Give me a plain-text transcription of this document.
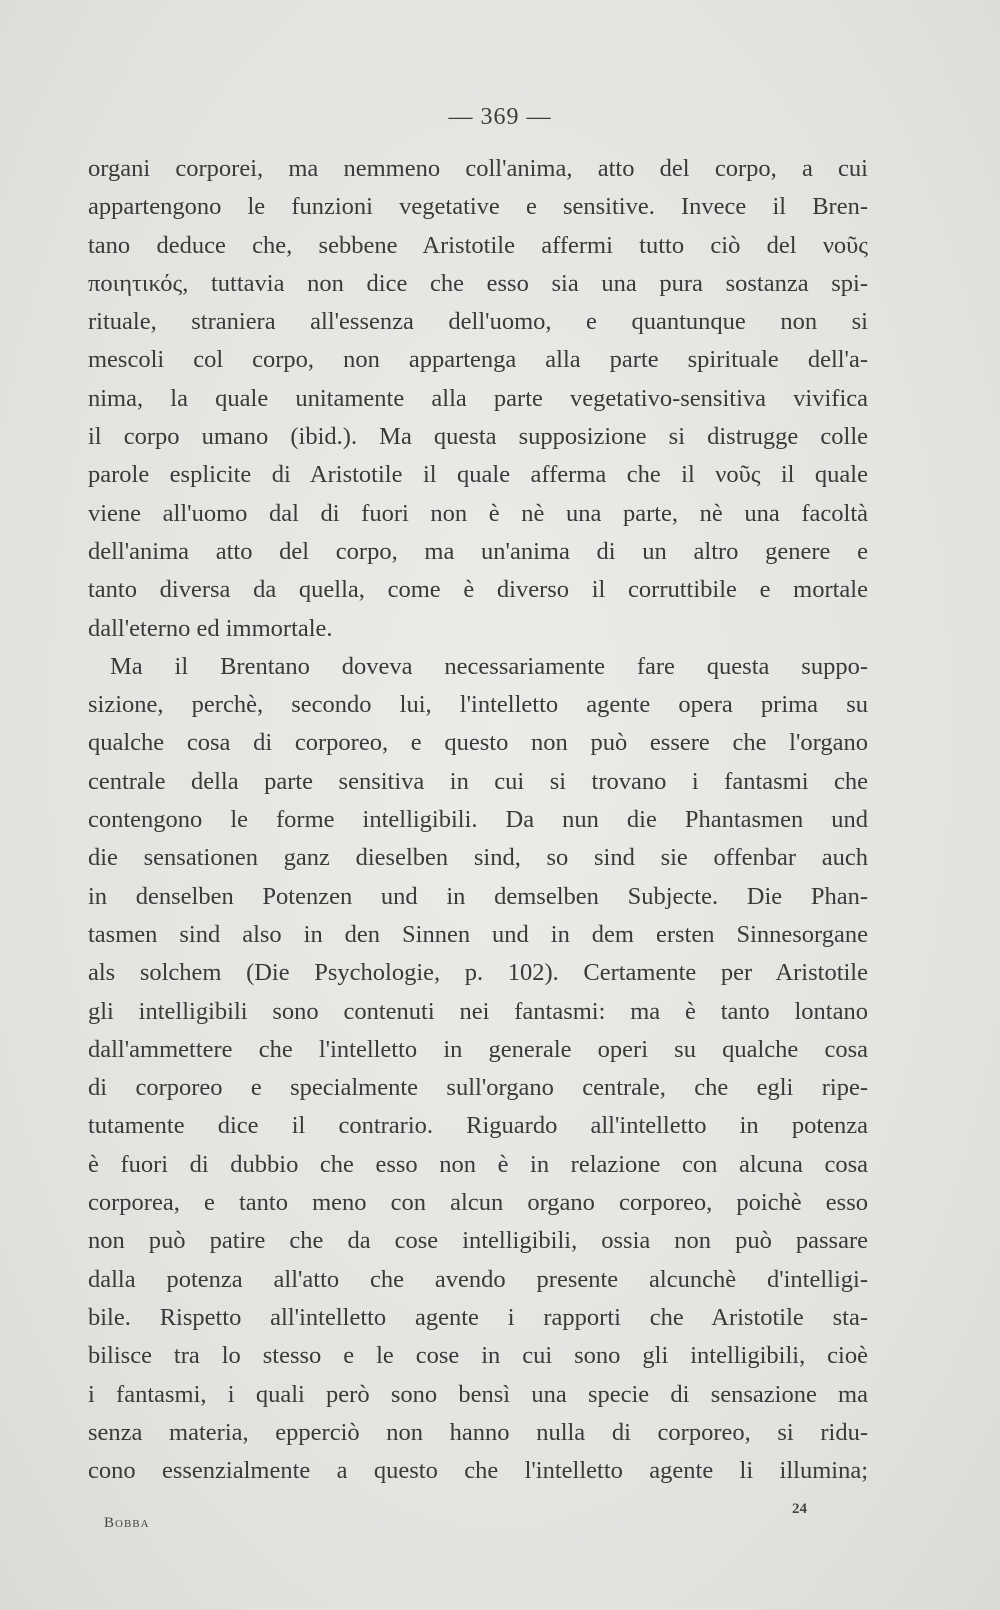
— 369 —
organi corporei, ma nemmeno coll'anima, atto del corpo, a cui
appartengono le funzioni vegetative e sensitive. Invece il Bren-
tano deduce che, sebbene Aristotile affermi tutto ciò del νοῦς
ποιητικός, tuttavia non dice che esso sia una pura sostanza spi-
rituale, straniera all'essenza dell'uomo, e quantunque non si
mescoli col corpo, non appartenga alla parte spirituale dell'a-
nima, la quale unitamente alla parte vegetativo-sensitiva vivifica
il corpo umano (ibid.). Ma questa supposizione si distrugge colle
parole esplicite di Aristotile il quale afferma che il νοῦς il quale
viene all'uomo dal di fuori non è nè una parte, nè una facoltà
dell'anima atto del corpo, ma un'anima di un altro genere e
tanto diversa da quella, come è diverso il corruttibile e mortale
dall'eterno ed immortale.
Ma il Brentano doveva necessariamente fare questa suppo-
sizione, perchè, secondo lui, l'intelletto agente opera prima su
qualche cosa di corporeo, e questo non può essere che l'organo
centrale della parte sensitiva in cui si trovano i fantasmi che
contengono le forme intelligibili. Da nun die Phantasmen und
die sensationen ganz dieselben sind, so sind sie offenbar auch
in denselben Potenzen und in demselben Subjecte. Die Phan-
tasmen sind also in den Sinnen und in dem ersten Sinnesorgane
als solchem (Die Psychologie, p. 102). Certamente per Aristotile
gli intelligibili sono contenuti nei fantasmi: ma è tanto lontano
dall'ammettere che l'intelletto in generale operi su qualche cosa
di corporeo e specialmente sull'organo centrale, che egli ripe-
tutamente dice il contrario. Riguardo all'intelletto in potenza
è fuori di dubbio che esso non è in relazione con alcuna cosa
corporea, e tanto meno con alcun organo corporeo, poichè esso
non può patire che da cose intelligibili, ossia non può passare
dalla potenza all'atto che avendo presente alcunchè d'intelligi-
bile. Rispetto all'intelletto agente i rapporti che Aristotile sta-
bilisce tra lo stesso e le cose in cui sono gli intelligibili, cioè
i fantasmi, i quali però sono bensì una specie di sensazione ma
senza materia, epperciò non hanno nulla di corporeo, si ridu-
cono essenzialmente a questo che l'intelletto agente li illumina;
Bobba
24
